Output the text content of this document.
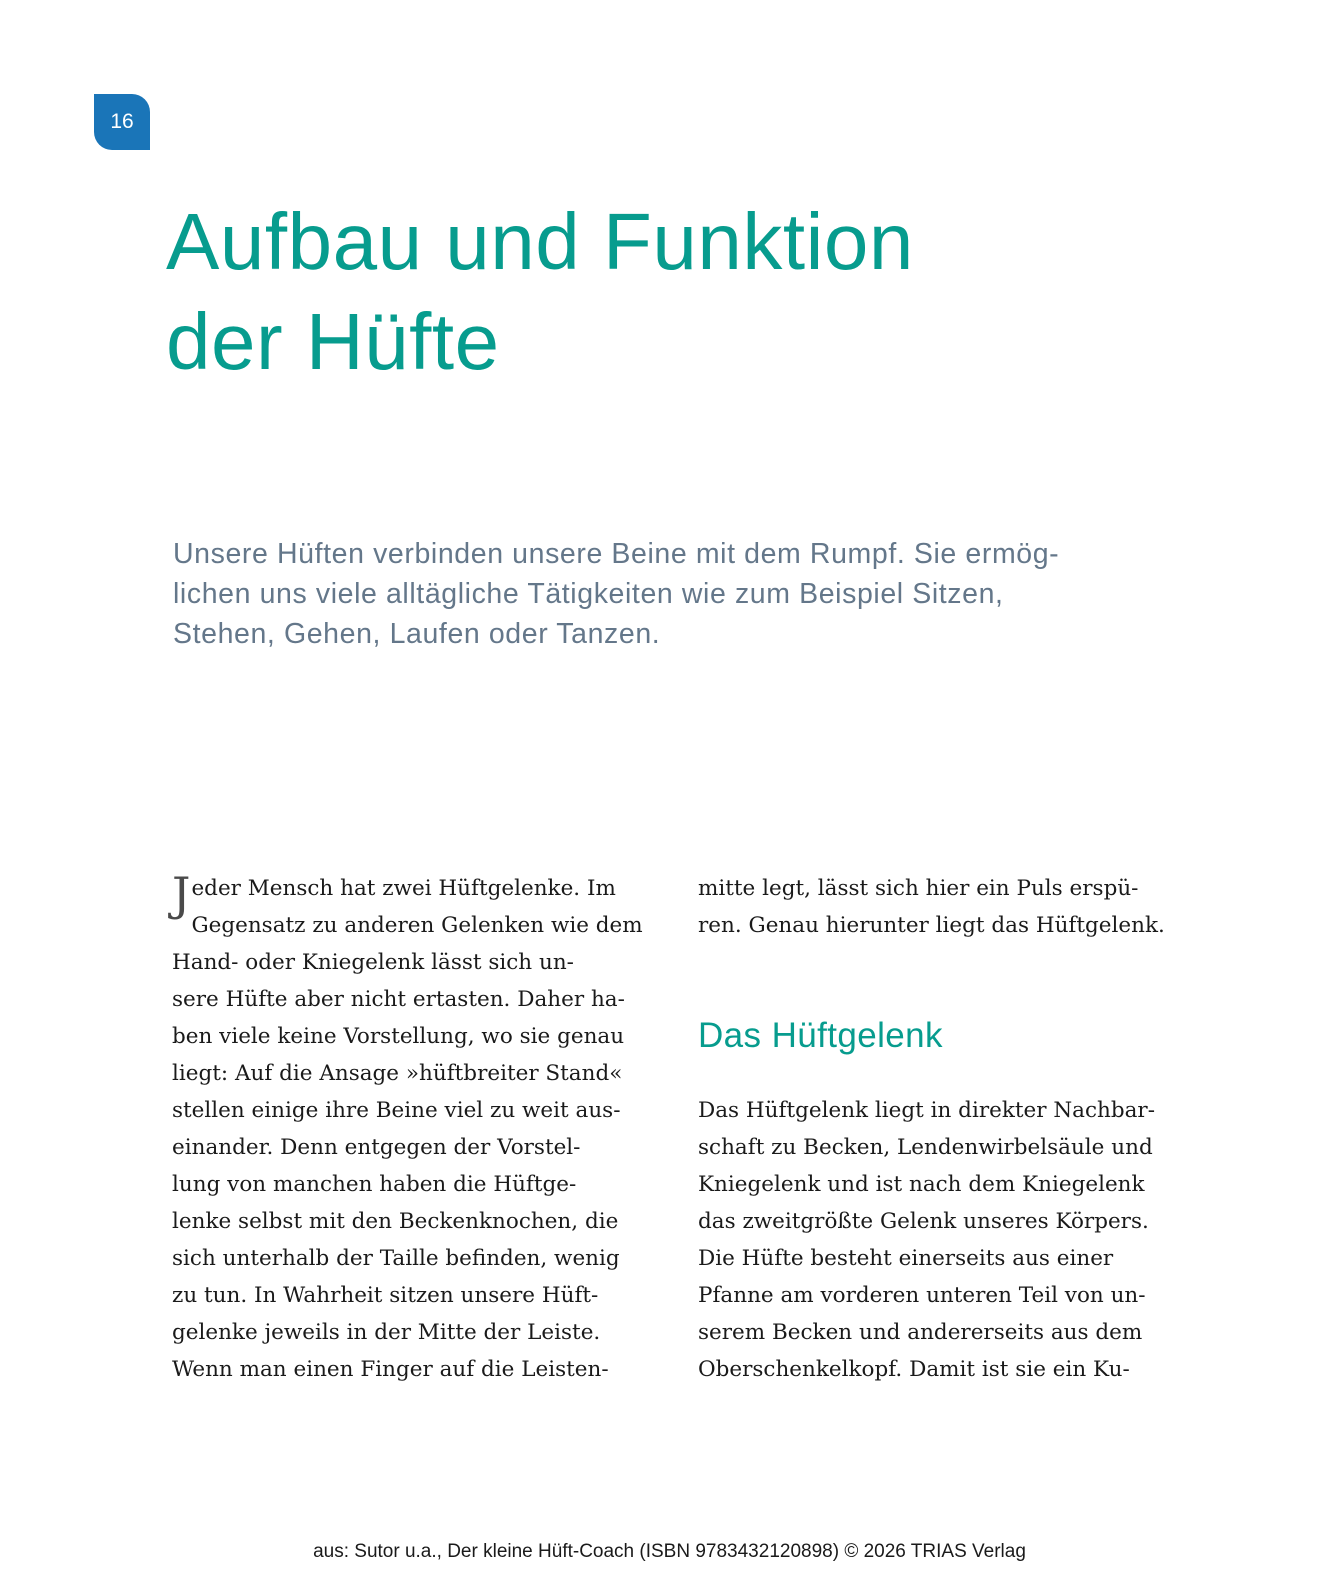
16
Aufbau und Funktion
der Hüfte

Unsere Hüften verbinden unsere Beine mit dem Rumpf. Sie ermög-
lichen uns viele alltägliche Tätigkeiten wie zum Beispiel Sitzen,
Stehen, Gehen, Laufen oder Tanzen.

J eder Mensch hat zwei Hüftgelenke. Im
Gegensatz zu anderen Gelenken wie dem
Hand- oder Kniegelenk lässt sich un-
sere Hüfte aber nicht ertasten. Daher ha-
ben viele keine Vorstellung, wo sie genau
liegt: Auf die Ansage »hüftbreiter Stand«
stellen einige ihre Beine viel zu weit aus-
einander. Denn entgegen der Vorstel-
lung von manchen haben die Hüftge-
lenke selbst mit den Beckenknochen, die
sich unterhalb der Taille befinden, wenig
zu tun. In Wahrheit sitzen unsere Hüft-
gelenke jeweils in der Mitte der Leiste.
Wenn man einen Finger auf die Leisten-
mitte legt, lässt sich hier ein Puls erspü-
ren. Genau hierunter liegt das Hüftgelenk.
Das Hüftgelenk
Das Hüftgelenk liegt in direkter Nachbar-
schaft zu Becken, Lendenwirbelsäule und
Kniegelenk und ist nach dem Kniegelenk
das zweitgrößte Gelenk unseres Körpers.
Die Hüfte besteht einerseits aus einer
Pfanne am vorderen unteren Teil von un-
serem Becken und andererseits aus dem
Oberschenkelkopf. Damit ist sie ein Ku-
aus: Sutor u.a., Der kleine Hüft-Coach (ISBN 9783432120898) © 2026 TRIAS Verlag
